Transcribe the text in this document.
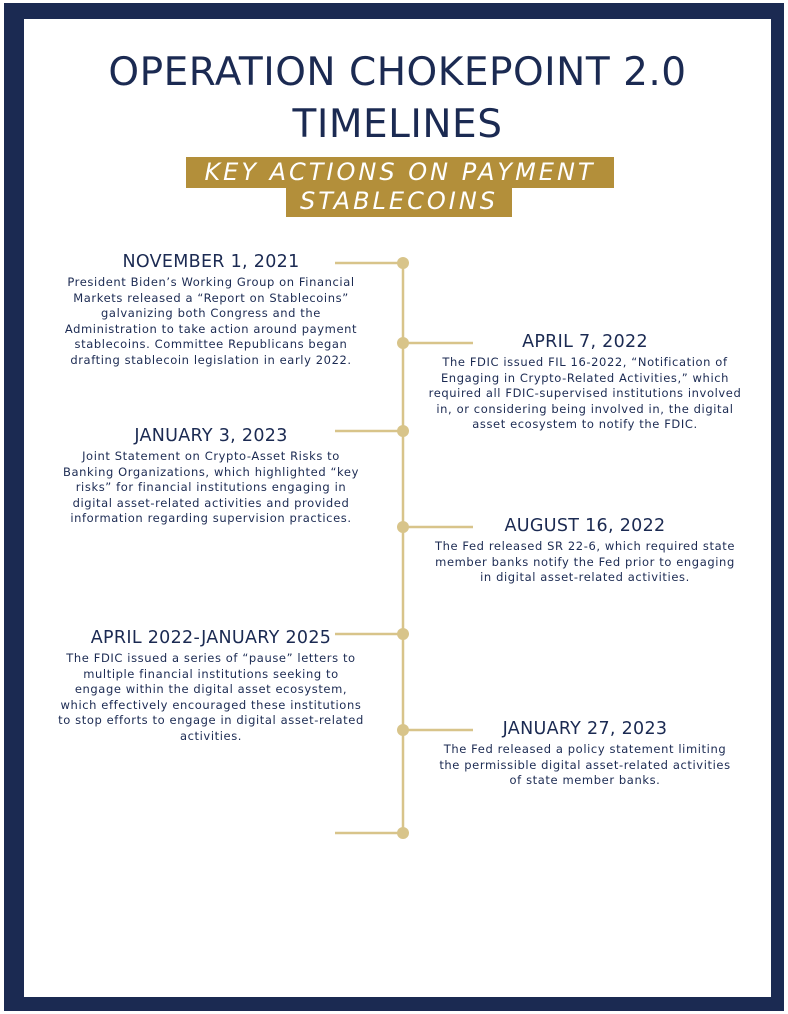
OPERATION CHOKEPOINT 2.0
TIMELINES
KEY ACTIONS ON PAYMENT
STABLECOINS
NOVEMBER 1, 2021
President Biden’s Working Group on Financial Markets released a “Report on Stablecoins” galvanizing both Congress and the Administration to take action around payment stablecoins. Committee Republicans began drafting stablecoin legislation in early 2022.
APRIL 7, 2022
The FDIC issued FIL 16-2022, “Notification of Engaging in Crypto-Related Activities,” which required all FDIC-supervised institutions involved in, or considering being involved in, the digital asset ecosystem to notify the FDIC.
JANUARY 3, 2023
Joint Statement on Crypto-Asset Risks to Banking Organizations, which highlighted “key risks” for financial institutions engaging in digital asset-related activities and provided information regarding supervision practices.	AUGUST 16, 2022
The Fed released SR 22-6, which required state member banks notify the Fed prior to engaging in digital asset-related activities.
APRIL 2022-JANUARY 2025
The FDIC issued a series of “pause” letters to multiple financial institutions seeking to engage within the digital asset ecosystem, which effectively encouraged these institutions to stop efforts to engage in digital asset-related activities.	JANUARY 27, 2023
The Fed released a policy statement limiting the permissible digital asset-related activities of state member banks.
